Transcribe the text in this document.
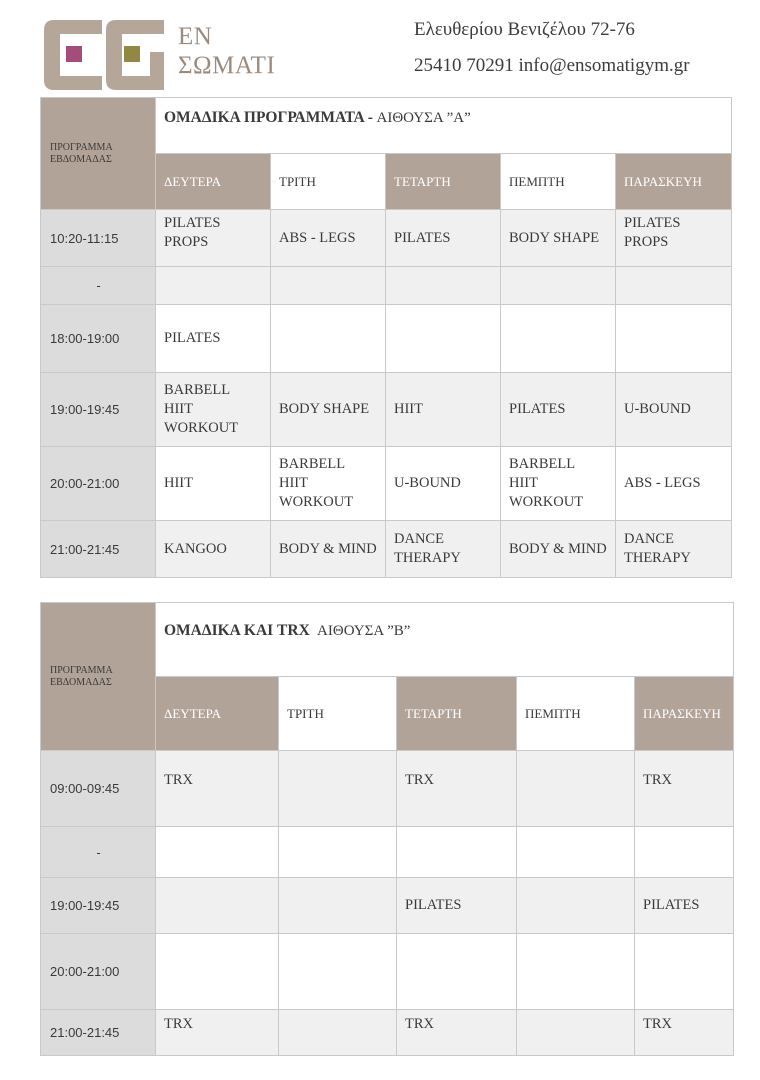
ΕΝ
ΣΩΜΑΤΙ
Ελευθερίου Βενιζέλου 72-76
25410 70291 info@ensomatigym.gr
ΠΡΟΓΡΑΜΜΑ ΕΒΔΟΜΑΔΑΣ	ΟΜΑΔΙΚΑ ΠΡΟΓΡΑΜΜΑΤΑ - ΑΙΘΟΥΣΑ ”Α”				
	ΔΕΥΤΕΡΑ	ΤΡΙΤΗ	ΤΕΤΑΡΤΗ	ΠΕΜΠΤΗ	ΠΑΡΑΣΚΕΥΗ
10:20-11:15	PILATES PROPS	ABS - LEGS	PILATES	BODY SHAPE	PILATES PROPS
-					
18:00-19:00	PILATES				
19:00-19:45	BARBELL HIIT WORKOUT	BODY SHAPE	HIIT	PILATES	U-BOUND
20:00-21:00	HIIT	BARBELL HIIT WORKOUT	U-BOUND	BARBELL HIIT WORKOUT	ABS - LEGS
21:00-21:45	KANGOO	BODY & MIND	DANCE THERAPY	BODY & MIND	DANCE THERAPY
ΠΡΟΓΡΑΜΜΑ ΕΒΔΟΜΑΔΑΣ	ΟΜΑΔΙΚΑ ΚΑΙ TRX ΑΙΘΟΥΣΑ ”Β”				
	ΔΕΥΤΕΡΑ	ΤΡΙΤΗ	ΤΕΤΑΡΤΗ	ΠΕΜΠΤΗ	ΠΑΡΑΣΚΕΥΗ
09:00-09:45	TRX		TRX		TRX
-					
19:00-19:45			PILATES		PILATES
20:00-21:00					
21:00-21:45	TRX		TRX		TRX
